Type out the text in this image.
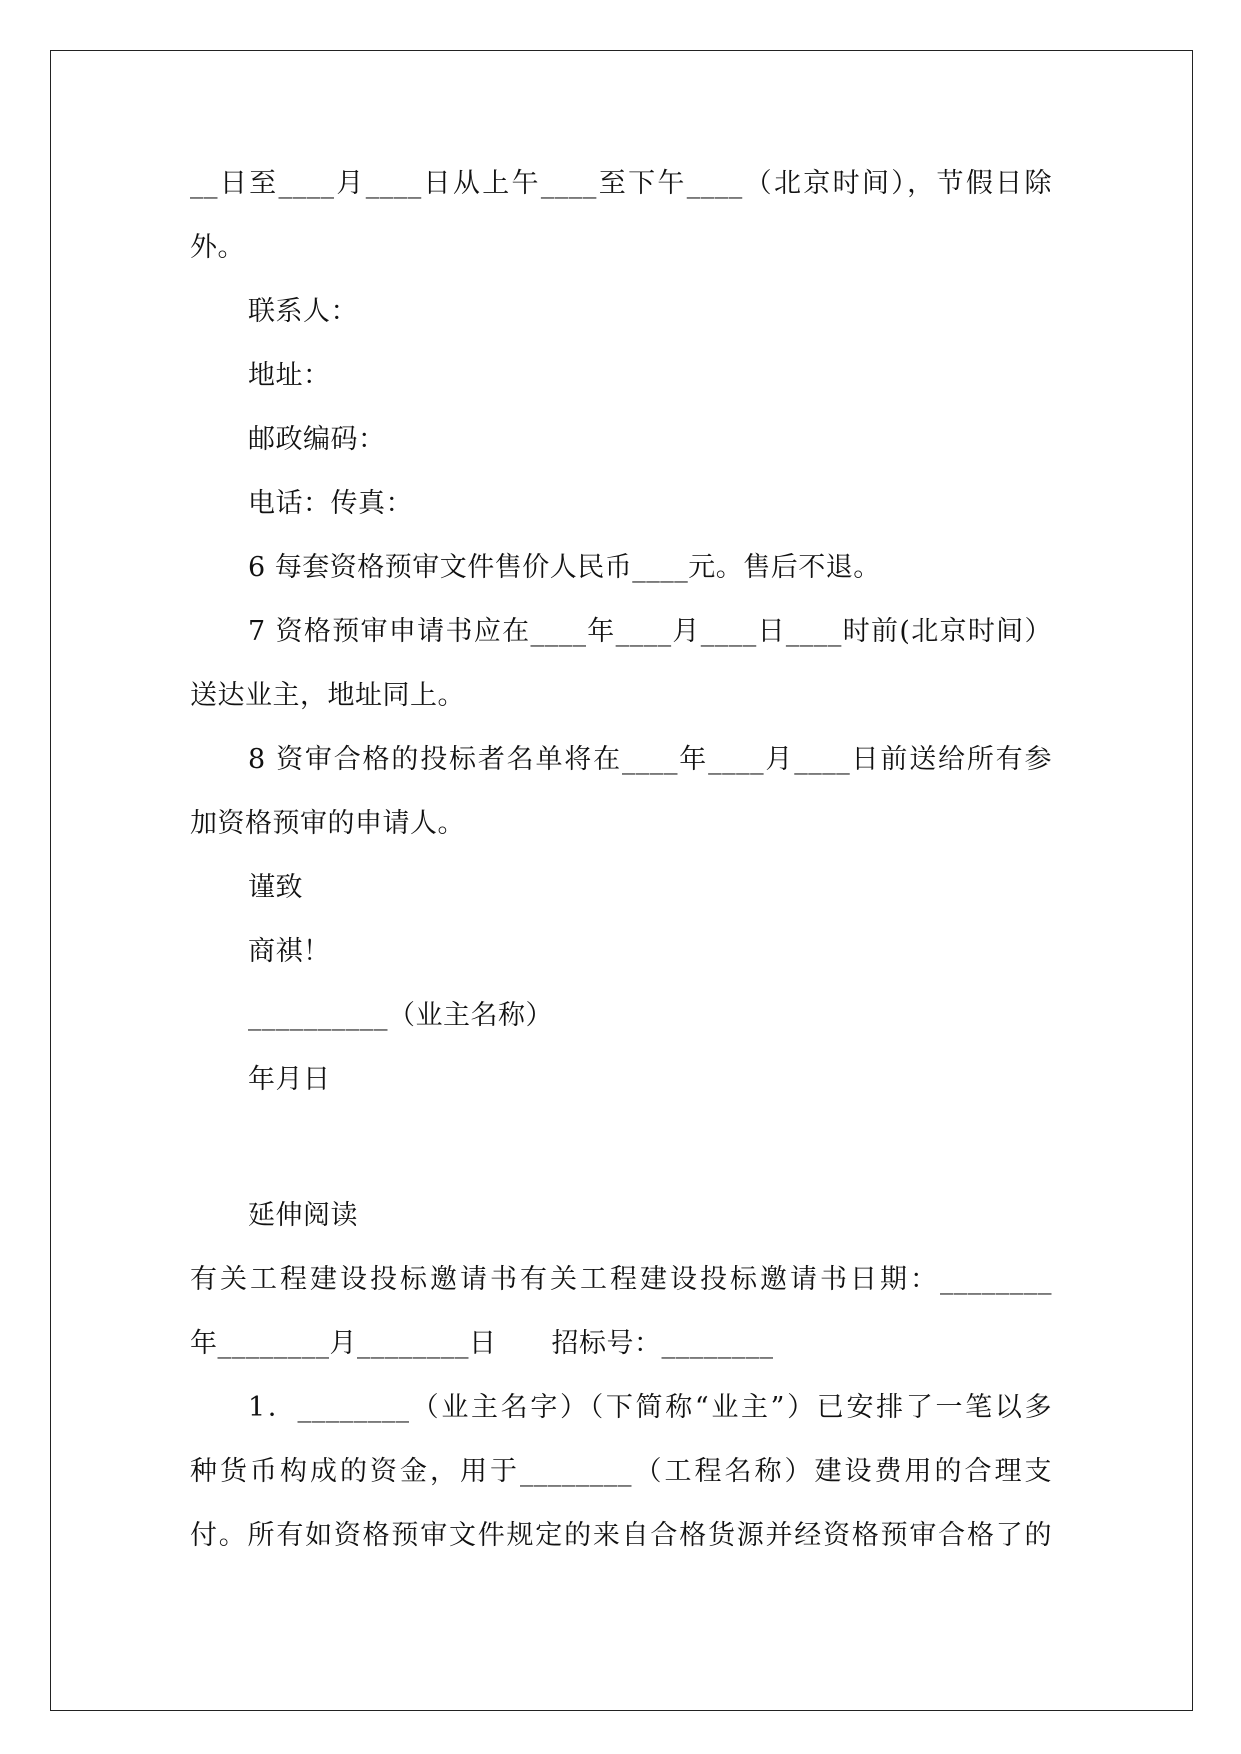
__日至____月____日从上午____至下午____（北京时间），节假日除
外。
联系人：
地址：
邮政编码：
电话：传真：
6 每套资格预审文件售价人民币____元。售后不退。
7 资格预审申请书应在____年____月____日____时前(北京时间）
送达业主，地址同上。
8 资审合格的投标者名单将在____年____月____日前送给所有参
加资格预审的申请人。
谨致
商祺！
__________（业主名称）
年月日
延伸阅读
有关工程建设投标邀请书有关工程建设投标邀请书日期：________
年________月________日　　招标号：________
1．________（业主名字）（下简称“业主”）已安排了一笔以多
种货币构成的资金，用于________（工程名称）建设费用的合理支
付。所有如资格预审文件规定的来自合格货源并经资格预审合格了的
